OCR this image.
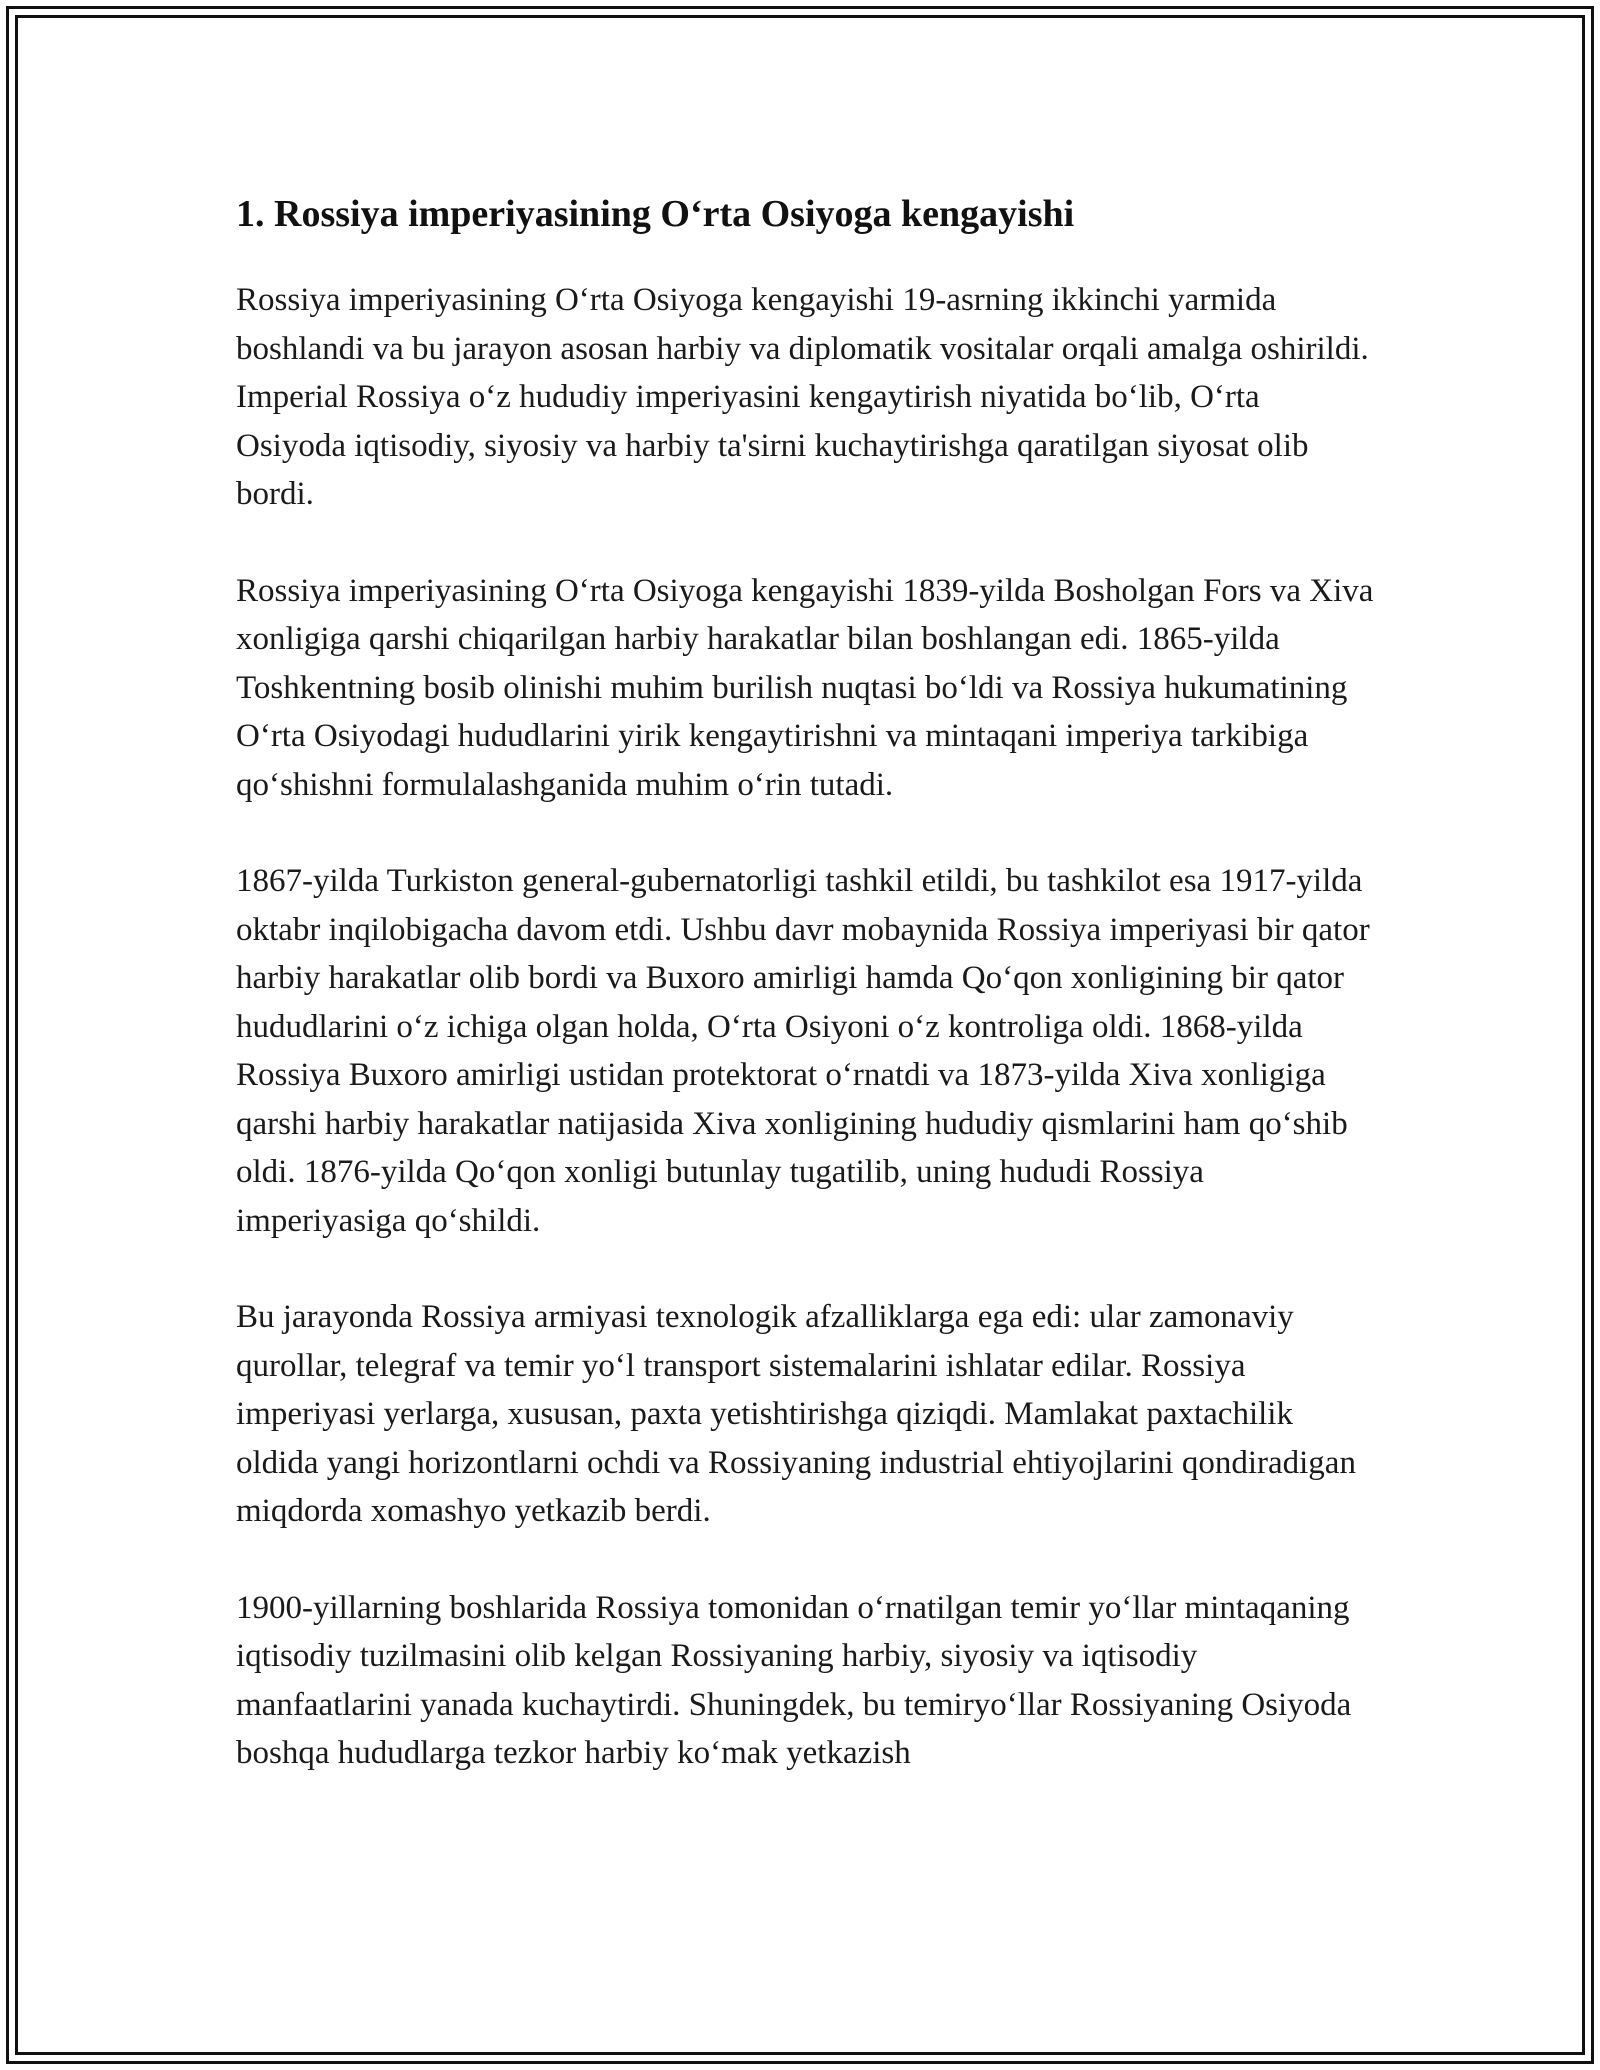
1. Rossiya imperiyasining Oʻrta Osiyoga kengayishi

Rossiya imperiyasining Oʻrta Osiyoga kengayishi 19-asrning ikkinchi yarmida boshlandi va bu jarayon asosan harbiy va diplomatik vositalar orqali amalga oshirildi. Imperial Rossiya oʻz hududiy imperiyasini kengaytirish niyatida boʻlib, Oʻrta Osiyoda iqtisodiy, siyosiy va harbiy ta'sirni kuchaytirishga qaratilgan siyosat olib bordi.

Rossiya imperiyasining Oʻrta Osiyoga kengayishi 1839-yilda Bosholgan Fors va Xiva xonligiga qarshi chiqarilgan harbiy harakatlar bilan boshlangan edi. 1865-yilda Toshkentning bosib olinishi muhim burilish nuqtasi boʻldi va Rossiya hukumatining Oʻrta Osiyodagi hududlarini yirik kengaytirishni va mintaqani imperiya tarkibiga qoʻshishni formulalashganida muhim oʻrin tutadi.

1867-yilda Turkiston general-gubernatorligi tashkil etildi, bu tashkilot esa 1917-yilda oktabr inqilobigacha davom etdi. Ushbu davr mobaynida Rossiya imperiyasi bir qator harbiy harakatlar olib bordi va Buxoro amirligi hamda Qoʻqon xonligining bir qator hududlarini oʻz ichiga olgan holda, Oʻrta Osiyoni oʻz kontroliga oldi. 1868-yilda Rossiya Buxoro amirligi ustidan protektorat oʻrnatdi va 1873-yilda Xiva xonligiga qarshi harbiy harakatlar natijasida Xiva xonligining hududiy qismlarini ham qoʻshib oldi. 1876-yilda Qoʻqon xonligi butunlay tugatilib, uning hududi Rossiya imperiyasiga qoʻshildi.

Bu jarayonda Rossiya armiyasi texnologik afzalliklarga ega edi: ular zamonaviy qurollar, telegraf va temir yoʻl transport sistemalarini ishlatar edilar. Rossiya imperiyasi yerlarga, xususan, paxta yetishtirishga qiziqdi. Mamlakat paxtachilik oldida yangi horizontlarni ochdi va Rossiyaning industrial ehtiyojlarini qondiradigan miqdorda xomashyo yetkazib berdi.

1900-yillarning boshlarida Rossiya tomonidan oʻrnatilgan temir yoʻllar mintaqaning iqtisodiy tuzilmasini olib kelgan Rossiyaning harbiy, siyosiy va iqtisodiy manfaatlarini yanada kuchaytirdi. Shuningdek, bu temiryoʻllar Rossiyaning Osiyoda boshqa hududlarga tezkor harbiy koʻmak yetkazish
